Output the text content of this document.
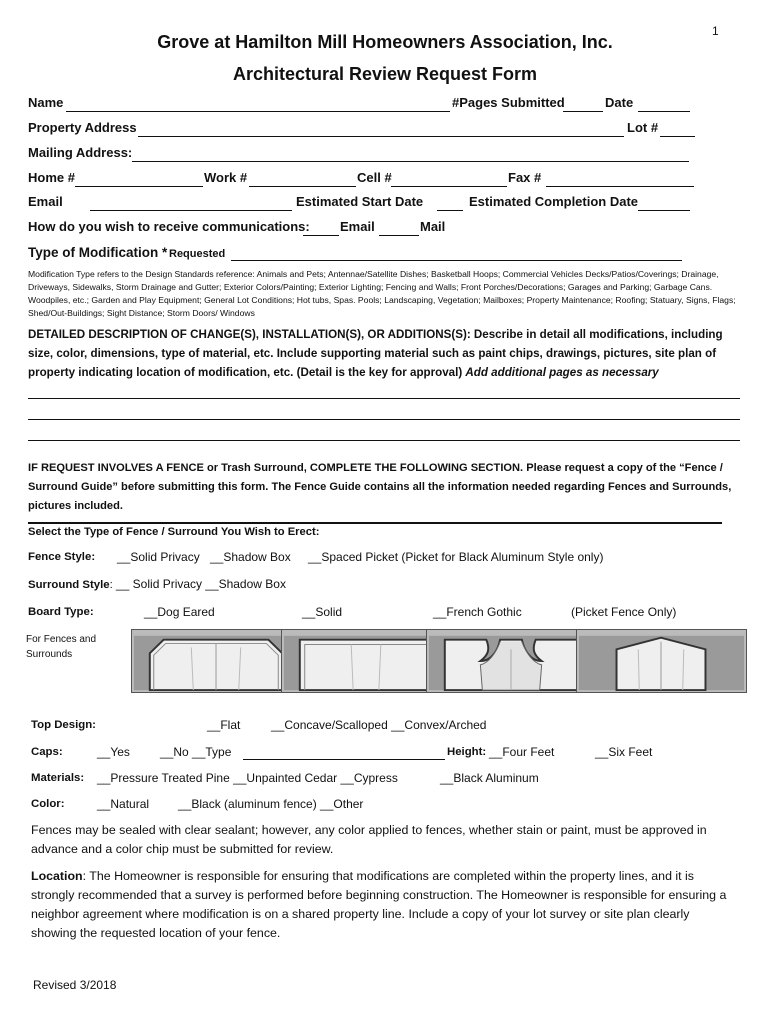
1
Grove at Hamilton Mill Homeowners Association, Inc.
Architectural Review Request Form
Name	#Pages Submitted	Date
Property Address	Lot #
Mailing Address:
Home #	Work #	Cell #	Fax #
Email	Estimated Start Date	Estimated Completion Date
How do you wish to receive communications: Email	Mail
Type of Modification * Requested
Modification Type refers to the Design Standards reference: Animals and Pets; Antennae/Satellite Dishes; Basketball Hoops; Commercial Vehicles Decks/Patios/Coverings; Drainage, Driveways, Sidewalks, Storm Drainage and Gutter; Exterior Colors/Painting; Exterior Lighting; Fencing and Walls; Front Porches/Decorations; Garages and Parking; Garbage Cans. Woodpiles, etc.; Garden and Play Equipment; General Lot Conditions; Hot tubs, Spas. Pools; Landscaping, Vegetation; Mailboxes; Property Maintenance; Roofing; Statuary, Signs, Flags; Shed/Out-Buildings; Sight Distance; Storm Doors/ Windows
DETAILED DESCRIPTION OF CHANGE(S), INSTALLATION(S), OR ADDITIONS(S): Describe in detail all modifications, including size, color, dimensions, type of material, etc. Include supporting material such as paint chips, drawings, pictures, site plan of property indicating location of modification, etc. (Detail is the key for approval) Add additional pages as necessary
IF REQUEST INVOLVES A FENCE or Trash Surround, COMPLETE THE FOLLOWING SECTION. Please request a copy of the “Fence / Surround Guide” before submitting this form. The Fence Guide contains all the information needed regarding Fences and Surrounds, pictures included.
Select the Type of Fence / Surround You Wish to Erect:
Fence Style: __Solid Privacy __Shadow Box __Spaced Picket (Picket for Black Aluminum Style only)
Surround Style: __ Solid Privacy __Shadow Box
Board Type:	__Dog Eared	__Solid	__French Gothic	(Picket Fence Only)
For Fences and
Surrounds
Top Design:	__Flat	__Concave/Scalloped __Convex/Arched
Caps:	__Yes	__No __Type	Height: __Four Feet	__Six Feet
Materials: __Pressure Treated Pine __Unpainted Cedar __Cypress	__Black Aluminum
Color:	__Natural __Black (aluminum fence) __Other
Fences may be sealed with clear sealant; however, any color applied to fences, whether stain or paint, must be approved in advance and a color chip must be submitted for review.
Location: The Homeowner is responsible for ensuring that modifications are completed within the property lines, and it is strongly recommended that a survey is performed before beginning construction. The Homeowner is responsible for ensuring a neighbor agreement where modification is on a shared property line. Include a copy of your lot survey or site plan clearly showing the requested location of your fence.
Revised 3/2018
